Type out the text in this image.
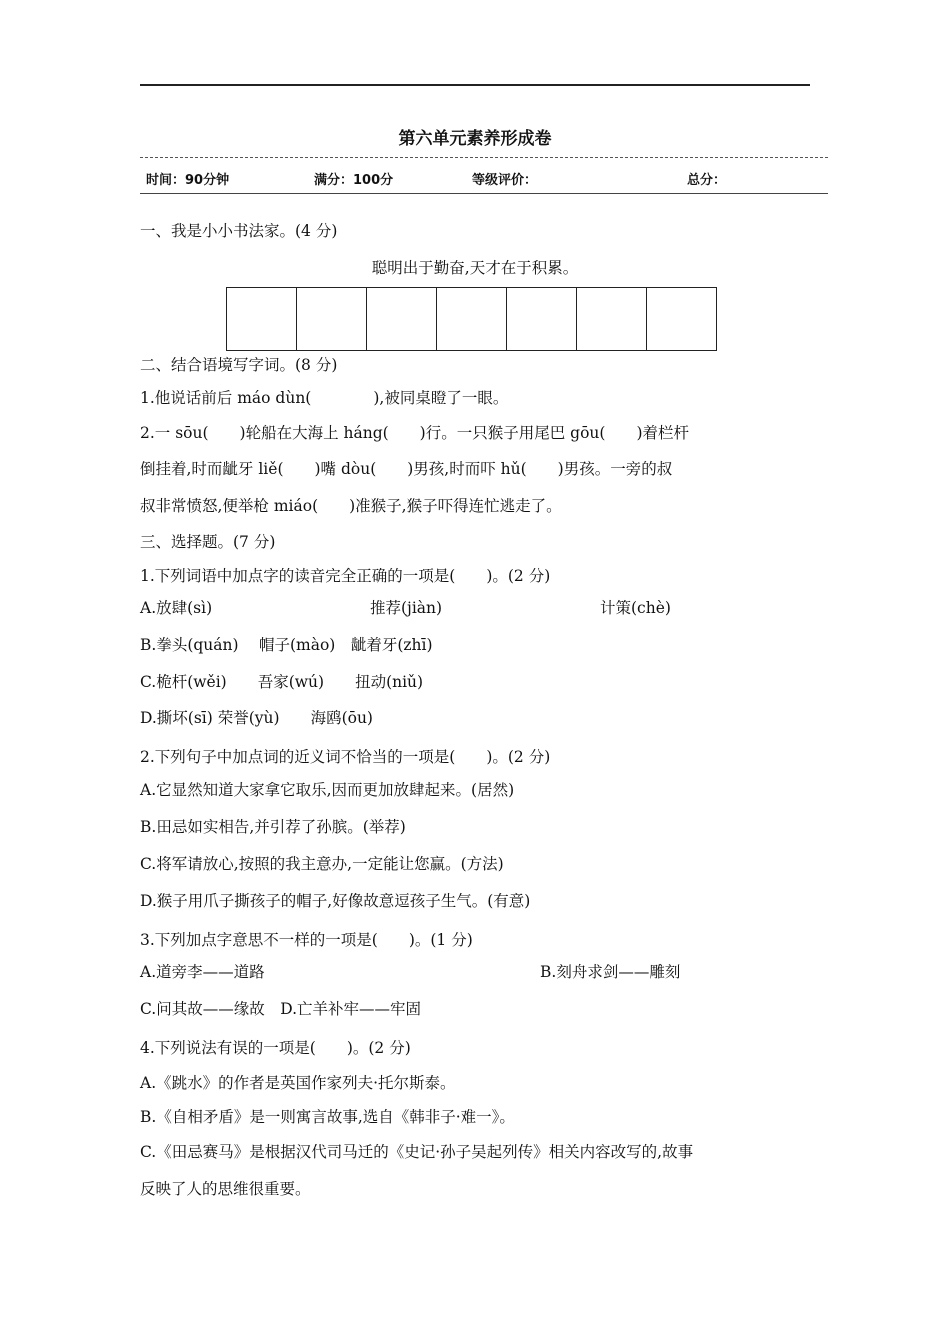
第六单元素养形成卷
时间：90分钟	满分：100分	等级评价：	总分：
一、我是小小书法家。(4 分)
聪明出于勤奋,天才在于积累。
二、结合语境写字词。(8 分)
1.他说话前后 máo dùn(　　　　),被同桌瞪了一眼。
2.一 sōu(　　)轮船在大海上 háng(　　)行。一只猴子用尾巴 gōu(　　)着栏杆
倒挂着,时而龇牙 liě(　　)嘴 dòu(　　)男孩,时而吓 hǔ(　　)男孩。一旁的叔
叔非常愤怒,便举枪 miáo(　　)准猴子,猴子吓得连忙逃走了。
三、选择题。(7 分)
1.下列词语中加点字的读音完全正确的一项是(　　)。(2 分)
A.放肆(sì)	推荐(jiàn)	计策(chè)
B.拳头(quán)　 帽子(mào)　龇着牙(zhī)
C.桅杆(wěi)　　吾家(wú)　　扭动(niǔ)
D.撕坏(sī) 荣誉(yù)　　海鸥(ōu)
2.下列句子中加点词的近义词不恰当的一项是(　　)。(2 分)
A.它显然知道大家拿它取乐,因而更加放肆起来。(居然)
B.田忌如实相告,并引荐了孙膑。(举荐)
C.将军请放心,按照的我主意办,一定能让您赢。(方法)
D.猴子用爪子撕孩子的帽子,好像故意逗孩子生气。(有意)
3.下列加点字意思不一样的一项是(　　)。(1 分)
A.道旁李——道路	B.刻舟求剑——雕刻
C.问其故——缘故　D.亡羊补牢——牢固
4.下列说法有误的一项是(　　)。(2 分)
A.《跳水》的作者是英国作家列夫·托尔斯泰。
B.《自相矛盾》是一则寓言故事,选自《韩非子·难一》。
C.《田忌赛马》是根据汉代司马迁的《史记·孙子吴起列传》相关内容改写的,故事
反映了人的思维很重要。
